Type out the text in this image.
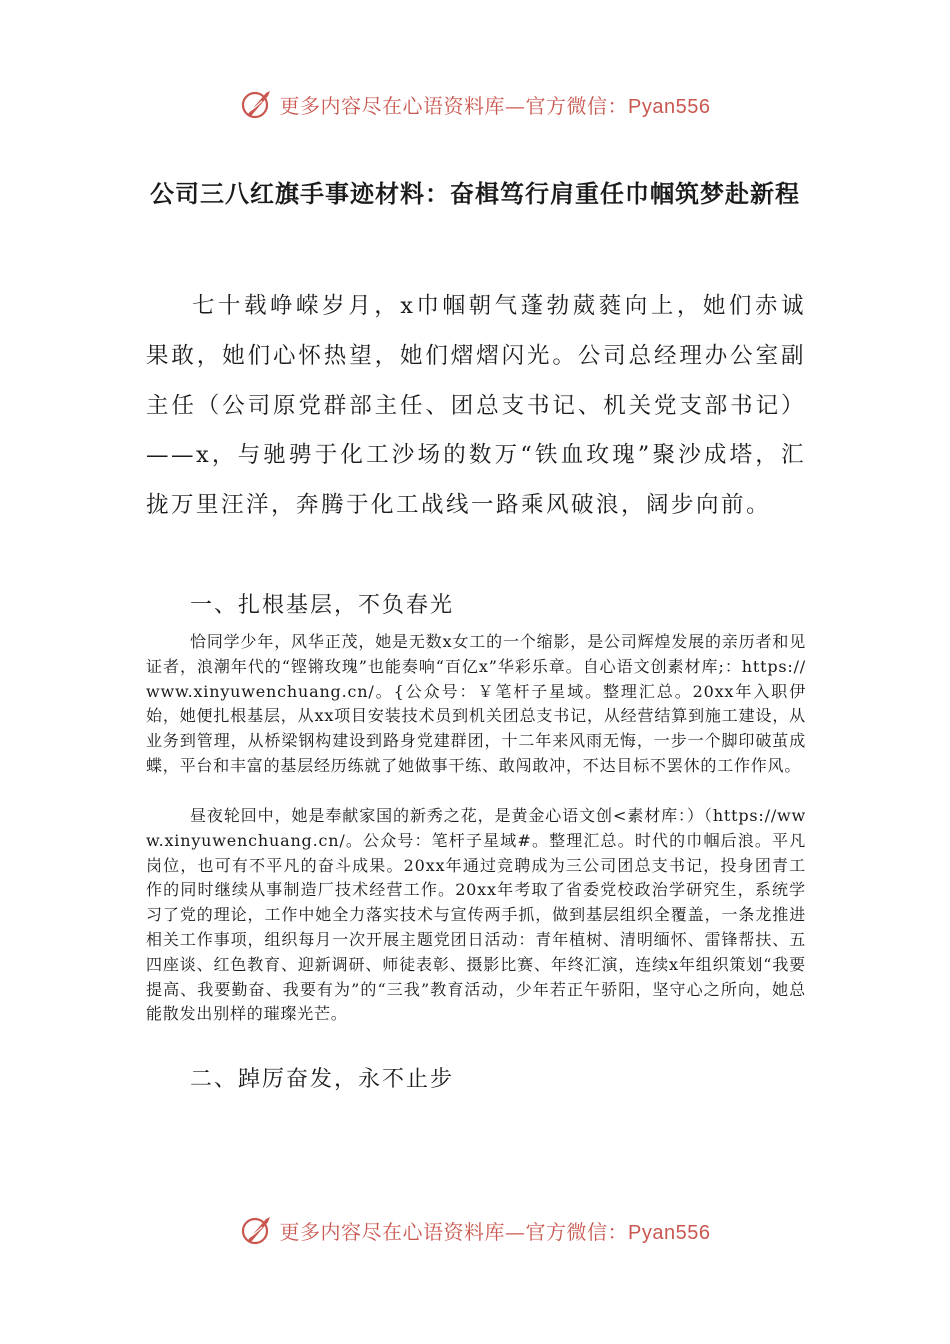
更多内容尽在心语资料库—官方微信：Pyan556
公司三八红旗手事迹材料：奋楫笃行肩重任巾帼筑梦赴新程

七十载峥嵘岁月，x巾帼朝气蓬勃葳蕤向上，她们赤诚果敢，她们心怀热望，她们熠熠闪光。公司总经理办公室副主任（公司原党群部主任、团总支书记、机关党支部书记）——x，与驰骋于化工沙场的数万“铁血玫瑰”聚沙成塔，汇拢万里汪洋，奔腾于化工战线一路乘风破浪，阔步向前。

一、扎根基层，不负春光

恰同学少年，风华正茂，她是无数x女工的一个缩影，是公司辉煌发展的亲历者和见证者，浪潮年代的“铿锵玫瑰”也能奏响“百亿x”华彩乐章。自心语文创素材库;：https://www.xinyuwenchuang.cn/。{公众号：￥笔杆子星域。整理汇总。20xx年入职伊始，她便扎根基层，从xx项目安装技术员到机关团总支书记，从经营结算到施工建设，从业务到管理，从桥梁钢构建设到路身党建群团，十二年来风雨无悔，一步一个脚印破茧成蝶，平台和丰富的基层经历练就了她做事干练、敢闯敢冲，不达目标不罢休的工作作风。

昼夜轮回中，她是奉献家国的新秀之花，是黄金心语文创<素材库：）（https://www.xinyuwenchuang.cn/。公众号：笔杆子星域#。整理汇总。时代的巾帼后浪。平凡岗位，也可有不平凡的奋斗成果。20xx年通过竞聘成为三公司团总支书记，投身团青工作的同时继续从事制造厂技术经营工作。20xx年考取了省委党校政治学研究生，系统学习了党的理论，工作中她全力落实技术与宣传两手抓，做到基层组织全覆盖，一条龙推进相关工作事项，组织每月一次开展主题党团日活动：青年植树、清明缅怀、雷锋帮扶、五四座谈、红色教育、迎新调研、师徒表彰、摄影比赛、年终汇演，连续x年组织策划“我要提高、我要勤奋、我要有为”的“三我”教育活动，少年若正午骄阳，坚守心之所向，她总能散发出别样的璀璨光芒。

二、踔厉奋发，永不止步
更多内容尽在心语资料库—官方微信：Pyan556
